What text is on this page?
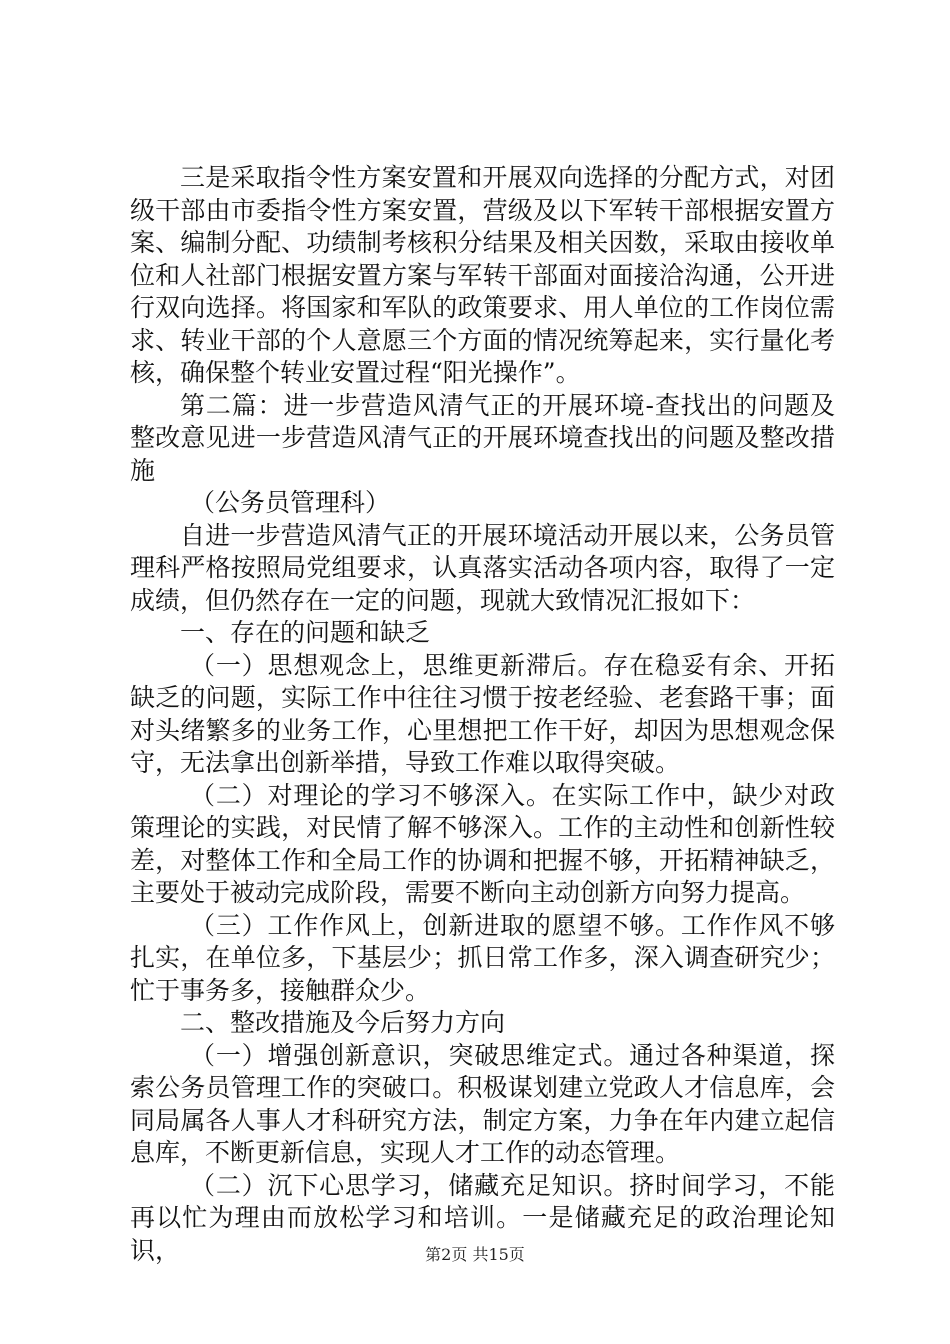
三是采取指令性方案安置和开展双向选择的分配方式，对团级干部由市委指令性方案安置，营级及以下军转干部根据安置方案、编制分配、功绩制考核积分结果及相关因数，采取由接收单位和人社部门根据安置方案与军转干部面对面接洽沟通，公开进行双向选择。将国家和军队的政策要求、用人单位的工作岗位需求、转业干部的个人意愿三个方面的情况统筹起来，实行量化考核，确保整个转业安置过程“阳光操作”。

第二篇：进一步营造风清气正的开展环境-查找出的问题及整改意见进一步营造风清气正的开展环境查找出的问题及整改措施

（公务员管理科）

自进一步营造风清气正的开展环境活动开展以来，公务员管理科严格按照局党组要求，认真落实活动各项内容，取得了一定成绩，但仍然存在一定的问题，现就大致情况汇报如下：

一、存在的问题和缺乏

（一）思想观念上，思维更新滞后。存在稳妥有余、开拓缺乏的问题，实际工作中往往习惯于按老经验、老套路干事；面对头绪繁多的业务工作，心里想把工作干好，却因为思想观念保守，无法拿出创新举措，导致工作难以取得突破。

（二）对理论的学习不够深入。在实际工作中，缺少对政策理论的实践，对民情了解不够深入。工作的主动性和创新性较差，对整体工作和全局工作的协调和把握不够，开拓精神缺乏，主要处于被动完成阶段，需要不断向主动创新方向努力提高。

（三）工作作风上，创新进取的愿望不够。工作作风不够扎实，在单位多，下基层少；抓日常工作多，深入调查研究少；忙于事务多，接触群众少。

二、整改措施及今后努力方向

（一）增强创新意识，突破思维定式。通过各种渠道，探索公务员管理工作的突破口。积极谋划建立党政人才信息库，会同局属各人事人才科研究方法，制定方案，力争在年内建立起信息库，不断更新信息，实现人才工作的动态管理。

（二）沉下心思学习，储藏充足知识。挤时间学习，不能再以忙为理由而放松学习和培训。一是储藏充足的政治理论知识，	第2页 共15页
